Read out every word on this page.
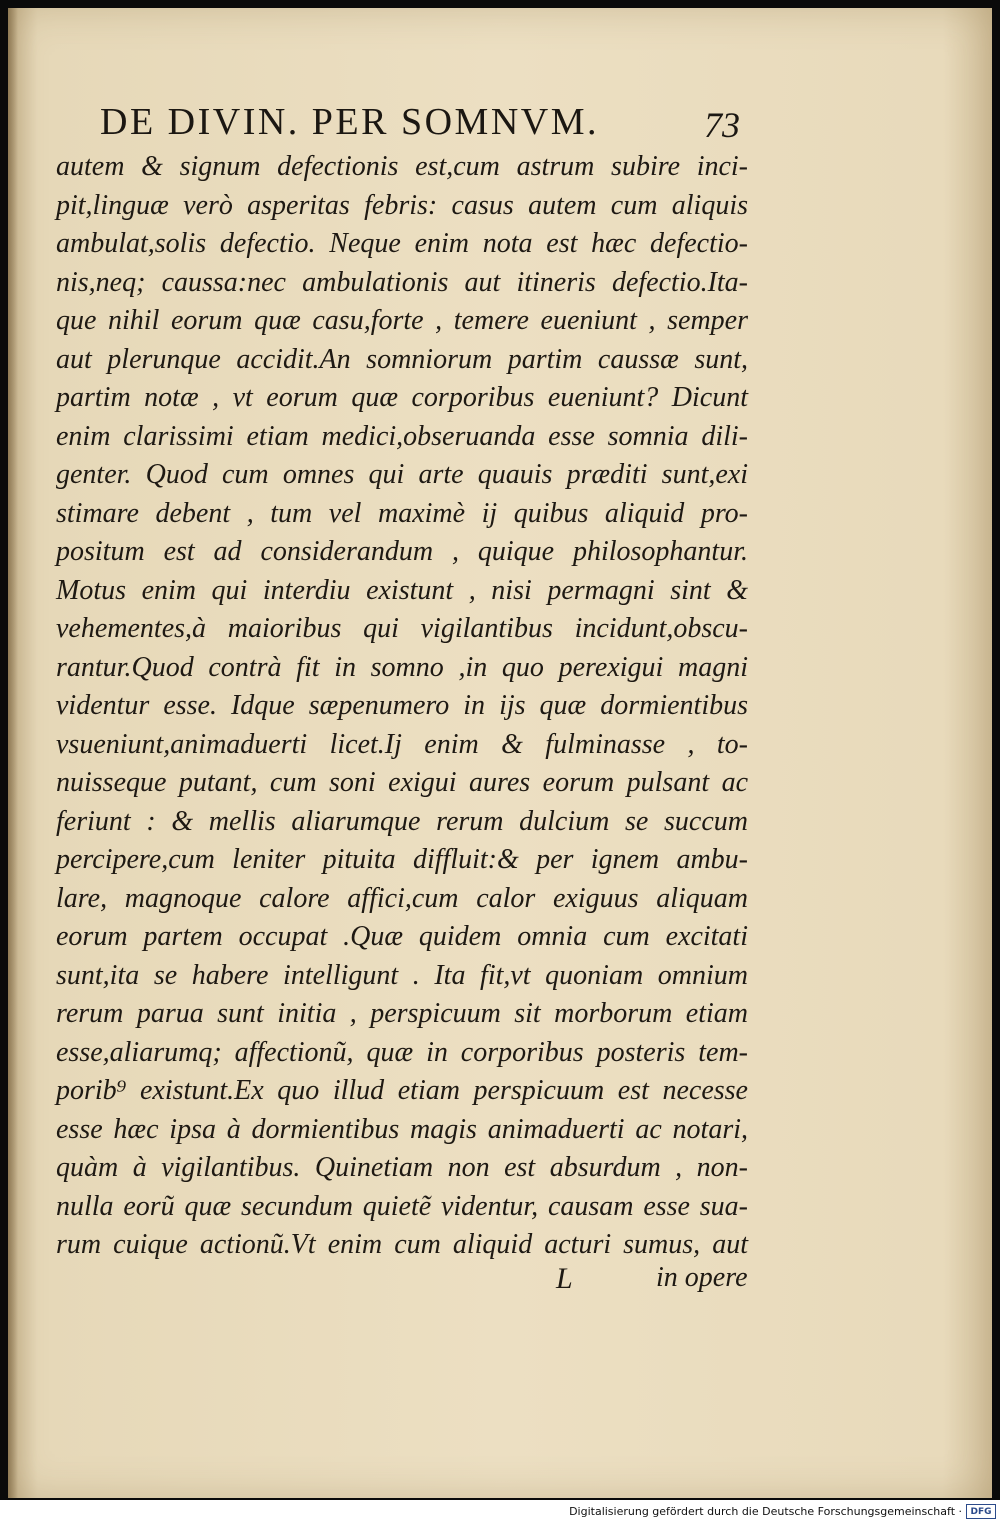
DE DIVIN. PER SOMNVM.	73
autem & signum defectionis est,cum astrum subire inci-
pit,linguæ verò asperitas febris: casus autem cum aliquis
ambulat,solis defectio. Neque enim nota est hæc defectio-
nis,neq; caussa:nec ambulationis aut itineris defectio.Ita-
que nihil eorum quæ casu,forte , temere eueniunt , semper
aut plerunque accidit.An somniorum partim caussæ sunt,
partim notæ , vt eorum quæ corporibus eueniunt? Dicunt
enim clarissimi etiam medici,obseruanda esse somnia dili-
genter. Quod cum omnes qui arte quauis præditi sunt,exi
stimare debent , tum vel maximè ij quibus aliquid pro-
positum est ad considerandum , quique philosophantur.
Motus enim qui interdiu existunt , nisi permagni sint &
vehementes,à maioribus qui vigilantibus incidunt,obscu-
rantur.Quod contrà fit in somno ,in quo perexigui magni
videntur esse. Idque sæpenumero in ijs quæ dormientibus
vsueniunt,animaduerti licet.Ij enim & fulminasse , to-
nuisseque putant, cum soni exigui aures eorum pulsant ac
feriunt : & mellis aliarumque rerum dulcium se succum
percipere,cum leniter pituita diffluit:& per ignem ambu-
lare, magnoque calore affici,cum calor exiguus aliquam
eorum partem occupat .Quæ quidem omnia cum excitati
sunt,ita se habere intelligunt . Ita fit,vt quoniam omnium
rerum parua sunt initia , perspicuum sit morborum etiam
esse,aliarumq; affectionũ, quæ in corporibus posteris tem-
porib⁹ existunt.Ex quo illud etiam perspicuum est necesse
esse hæc ipsa à dormientibus magis animaduerti ac notari,
quàm à vigilantibus. Quinetiam non est absurdum , non-
nulla eorũ quæ secundum quietẽ videntur, causam esse sua-
rum cuique actionũ.Vt enim cum aliquid acturi sumus, aut
L	in opere
Digitalisierung gefördert durch die Deutsche Forschungsgemeinschaft · DFG
